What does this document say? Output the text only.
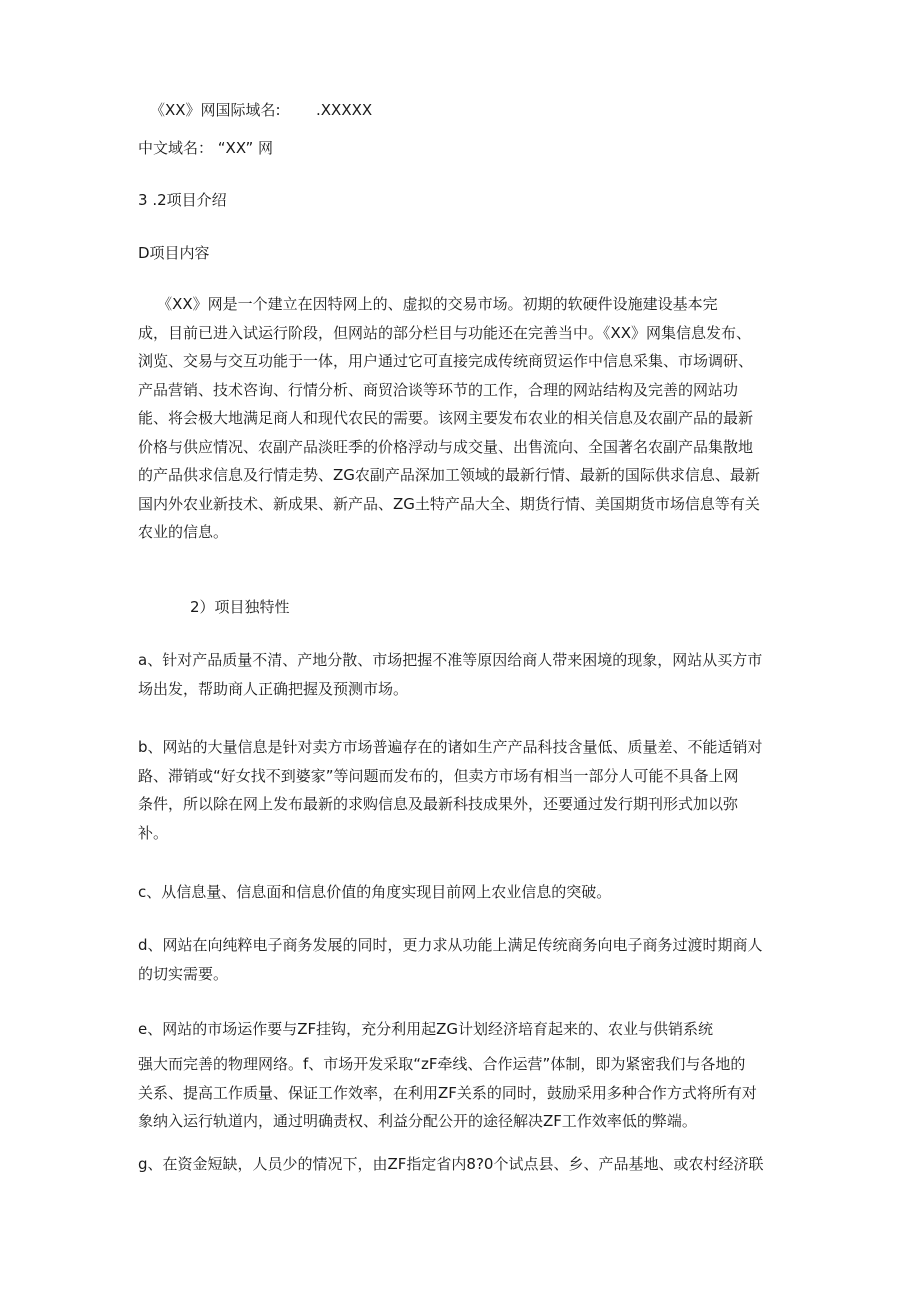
《XX》网国际域名: .XXXXX

中文域名： “XX” 网

3	.2项目介绍

D项目内容

	《XX》网是一个建立在因特网上的、虚拟的交易市场。初期的软硬件设施建设基本完
成，目前已进入试运行阶段，但网站的部分栏目与功能还在完善当中。《XX》网集信息发布、
浏览、交易与交互功能于一体，用户通过它可直接完成传统商贸运作中信息采集、市场调研、
产品营销、技术咨询、行情分析、商贸洽谈等环节的工作，合理的网站结构及完善的网站功
能、将会极大地满足商人和现代农民的需要。该网主要发布农业的相关信息及农副产品的最新
价格与供应情况、农副产品淡旺季的价格浮动与成交量、出售流向、全国著名农副产品集散地
的产品供求信息及行情走势、ZG农副产品深加工领域的最新行情、最新的国际供求信息、最新
国内外农业新技术、新成果、新产品、ZG土特产品大全、期货行情、美国期货市场信息等有关
农业的信息。

2）项目独特性

a、针对产品质量不清、产地分散、市场把握不准等原因给商人带来困境的现象，网站从买方市
场出发，帮助商人正确把握及预测市场。
b、网站的大量信息是针对卖方市场普遍存在的诸如生产产品科技含量低、质量差、不能适销对
路、滞销或“好女找不到婆家”等问题而发布的，但卖方市场有相当一部分人可能不具备上网
条件，所以除在网上发布最新的求购信息及最新科技成果外，还要通过发行期刊形式加以弥
补。
c、从信息量、信息面和信息价值的角度实现目前网上农业信息的突破。
d、网站在向纯粹电子商务发展的同时，更力求从功能上满足传统商务向电子商务过渡时期商人
的切实需要。
e、网站的市场运作要与ZF挂钩，充分利用起ZG计划经济培育起来的、农业与供销系统
强大而完善的物理网络。f、市场开发采取“zF牵线、合作运营”体制，即为紧密我们与各地的
关系、提高工作质量、保证工作效率，在利用ZF关系的同时，鼓励采用多种合作方式将所有对
象纳入运行轨道内，通过明确责权、利益分配公开的途径解决ZF工作效率低的弊端。
g、在资金短缺，人员少的情况下，由ZF指定省内8?0个试点县、乡、产品基地、或农村经济联
